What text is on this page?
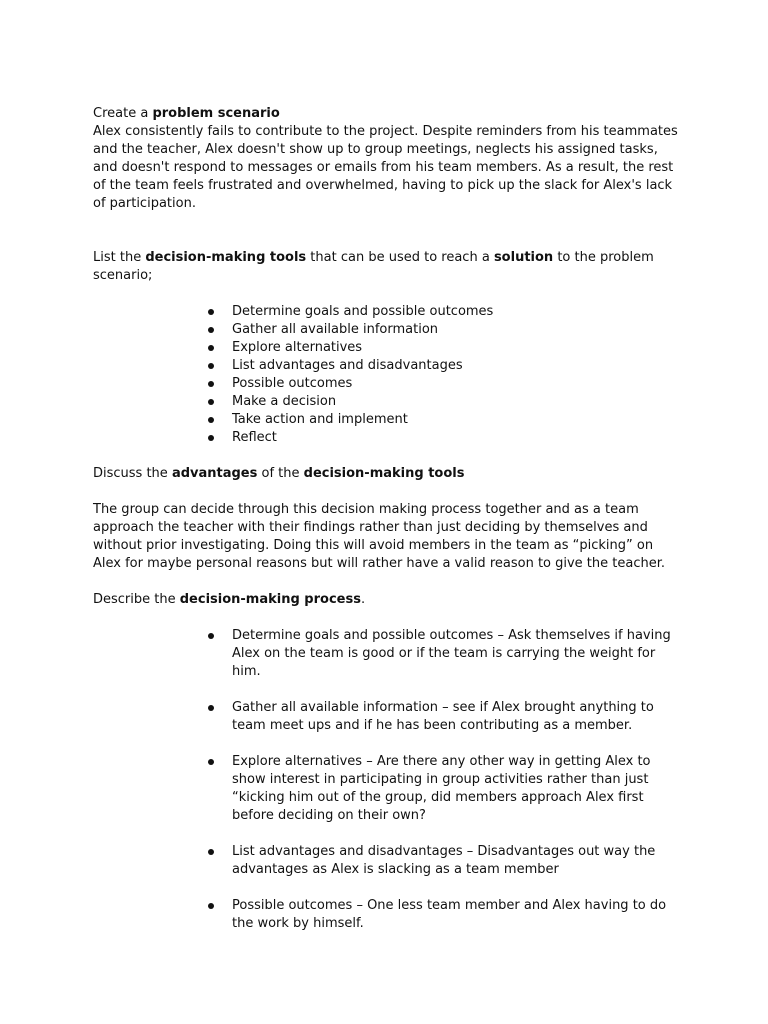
Create a problem scenario

Alex consistently fails to contribute to the project. Despite reminders from his teammates and the teacher, Alex doesn't show up to group meetings, neglects his assigned tasks, and doesn't respond to messages or emails from his team members. As a result, the rest of the team feels frustrated and overwhelmed, having to pick up the slack for Alex's lack of participation.

List the decision-making tools that can be used to reach a solution to the problem scenario;

Determine goals and possible outcomes
Gather all available information
Explore alternatives
List advantages and disadvantages
Possible outcomes
Make a decision
Take action and implement
Reflect

Discuss the advantages of the decision-making tools

The group can decide through this decision making process together and as a team approach the teacher with their findings rather than just deciding by themselves and without prior investigating. Doing this will avoid members in the team as “picking” on Alex for maybe personal reasons but will rather have a valid reason to give the teacher.

Describe the decision-making process.

Determine goals and possible outcomes – Ask themselves if having Alex on the team is good or if the team is carrying the weight for him.
Gather all available information – see if Alex brought anything to team meet ups and if he has been contributing as a member.
Explore alternatives – Are there any other way in getting Alex to show interest in participating in group activities rather than just “kicking him out of the group, did members approach Alex first before deciding on their own?
List advantages and disadvantages – Disadvantages out way the advantages as Alex is slacking as a team member
Possible outcomes – One less team member and Alex having to do the work by himself.
